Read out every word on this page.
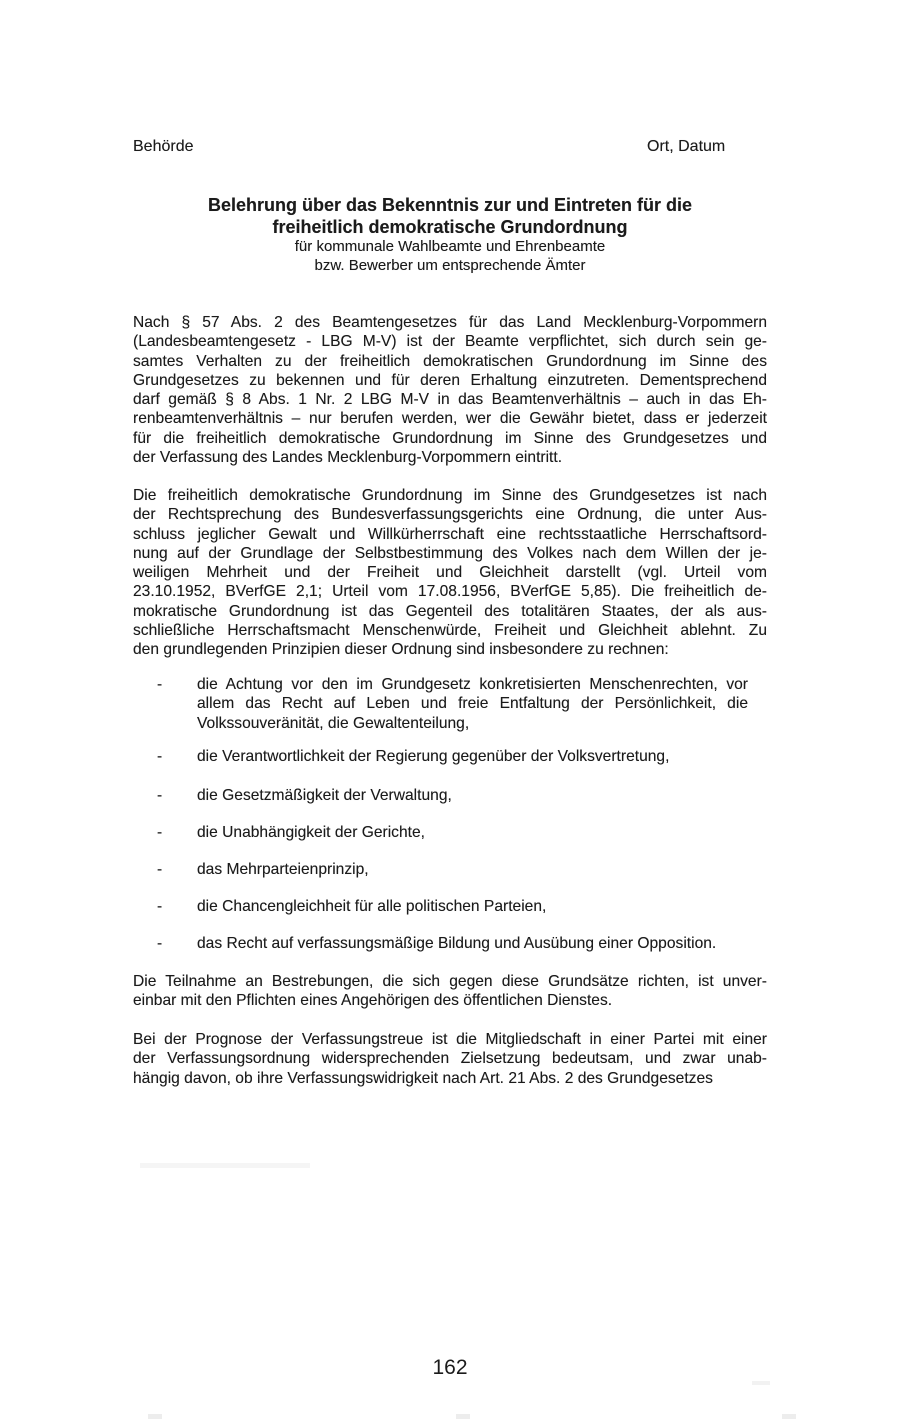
Behörde	Ort, Datum
Belehrung über das Bekenntnis zur und Eintreten für die
freiheitlich demokratische Grundordnung
für kommunale Wahlbeamte und Ehrenbeamte
bzw. Bewerber um entsprechende Ämter
Nach § 57 Abs. 2 des Beamtengesetzes für das Land Mecklenburg-Vorpommern
(Landesbeamtengesetz - LBG M-V) ist der Beamte verpflichtet, sich durch sein ge-
samtes Verhalten zu der freiheitlich demokratischen Grundordnung im Sinne des
Grundgesetzes zu bekennen und für deren Erhaltung einzutreten. Dementsprechend
darf gemäß § 8 Abs. 1 Nr. 2 LBG M-V in das Beamtenverhältnis – auch in das Eh-
renbeamtenverhältnis – nur berufen werden, wer die Gewähr bietet, dass er jederzeit
für die freiheitlich demokratische Grundordnung im Sinne des Grundgesetzes und
der Verfassung des Landes Mecklenburg-Vorpommern eintritt.
Die freiheitlich demokratische Grundordnung im Sinne des Grundgesetzes ist nach
der Rechtsprechung des Bundesverfassungsgerichts eine Ordnung, die unter Aus-
schluss jeglicher Gewalt und Willkürherrschaft eine rechtsstaatliche Herrschaftsord-
nung auf der Grundlage der Selbstbestimmung des Volkes nach dem Willen der je-
weiligen Mehrheit und der Freiheit und Gleichheit darstellt (vgl. Urteil vom
23.10.1952, BVerfGE 2,1; Urteil vom 17.08.1956, BVerfGE 5,85). Die freiheitlich de-
mokratische Grundordnung ist das Gegenteil des totalitären Staates, der als aus-
schließliche Herrschaftsmacht Menschenwürde, Freiheit und Gleichheit ablehnt. Zu
den grundlegenden Prinzipien dieser Ordnung sind insbesondere zu rechnen:
- die Achtung vor den im Grundgesetz konkretisierten Menschenrechten, vor
allem das Recht auf Leben und freie Entfaltung der Persönlichkeit, die
Volkssouveränität, die Gewaltenteilung,
- die Verantwortlichkeit der Regierung gegenüber der Volksvertretung,
- die Gesetzmäßigkeit der Verwaltung,
- die Unabhängigkeit der Gerichte,
- das Mehrparteienprinzip,
- die Chancengleichheit für alle politischen Parteien,
- das Recht auf verfassungsmäßige Bildung und Ausübung einer Opposition.
Die Teilnahme an Bestrebungen, die sich gegen diese Grundsätze richten, ist unver-
einbar mit den Pflichten eines Angehörigen des öffentlichen Dienstes.
Bei der Prognose der Verfassungstreue ist die Mitgliedschaft in einer Partei mit einer
der Verfassungsordnung widersprechenden Zielsetzung bedeutsam, und zwar unab-
hängig davon, ob ihre Verfassungswidrigkeit nach Art. 21 Abs. 2 des Grundgesetzes
162
